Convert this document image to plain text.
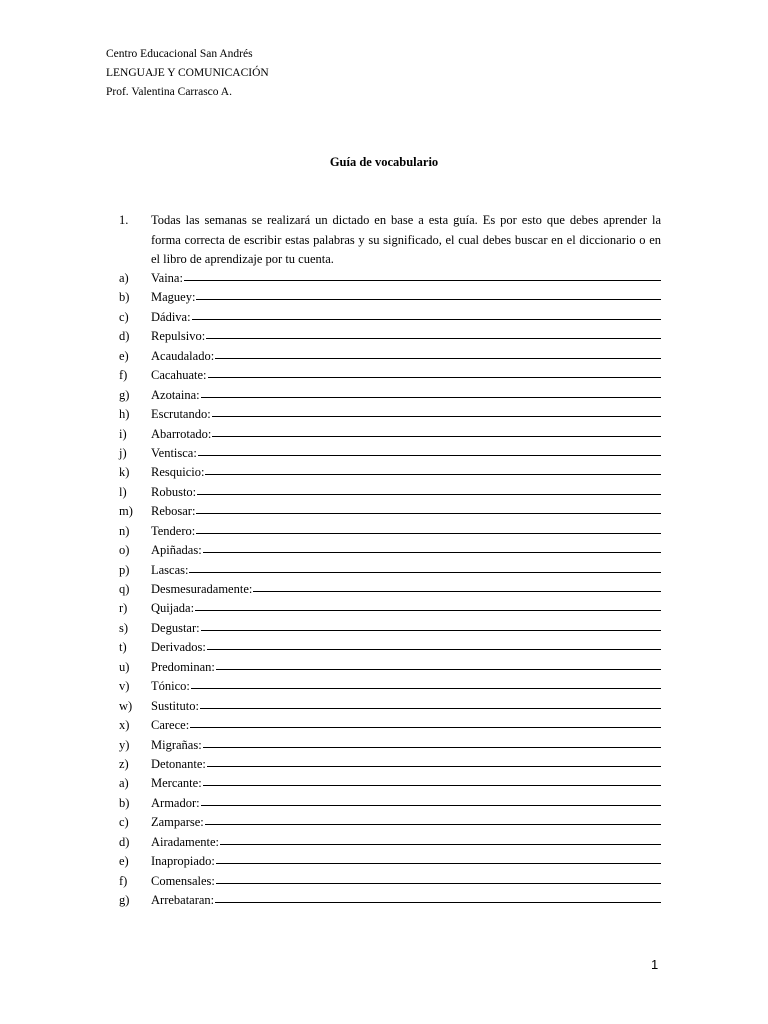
Centro Educacional San Andrés
LENGUAJE Y COMUNICACIÓN
Prof. Valentina Carrasco A.
Guía de vocabulario
1. Todas las semanas se realizará un dictado en base a esta guía. Es por esto que debes aprender la forma correcta de escribir estas palabras y su significado, el cual debes buscar en el diccionario o en el libro de aprendizaje por tu cuenta.
a)	Vaina:
b)	Maguey:
c)	Dádiva:
d)	Repulsivo:
e)	Acaudalado:
f)	Cacahuate:
g)	Azotaina:
h)	Escrutando:
i)	Abarrotado:
j)	Ventisca:
k)	Resquicio:
l)	Robusto:
m)	Rebosar:
n)	Tendero:
o)	Apiñadas:
p)	Lascas:
q)	Desmesuradamente:
r)	Quijada:
s)	Degustar:
t)	Derivados:
u)	Predominan:
v)	Tónico:
w)	Sustituto:
x)	Carece:
y)	Migrañas:
z)	Detonante:
a)	Mercante:
b)	Armador:
c)	Zamparse:
d)	Airadamente:
e)	Inapropiado:
f)	Comensales:
g)	Arrebataran:
1
